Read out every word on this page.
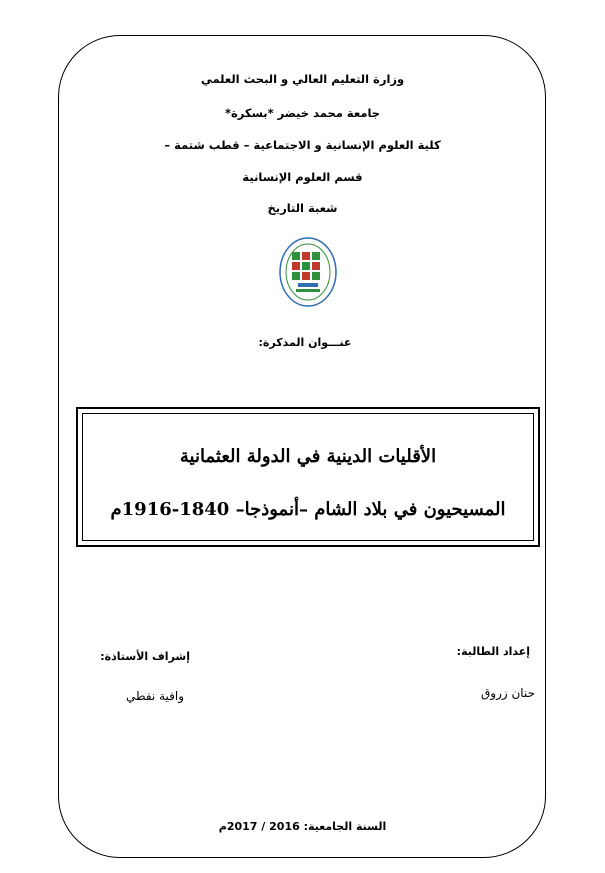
وزارة التعليم العالي و البحث العلمي
جامعة محمد خيضر *بسكرة*
كلية العلوم الإنسانية و الاجتماعية – قطب شتمة –
قسم العلوم الإنسانية
شعبة التاريخ
عنـــوان المذكرة:
الأقليات الدينية في الدولة العثمانية
المسيحيون في بلاد الشام –أنموذجا– 1840-1916م
إعداد الطالبة:
حنان زروق
إشراف الأستاذة:
وافية نفطي
السنة الجامعية: 2016 / 2017م
